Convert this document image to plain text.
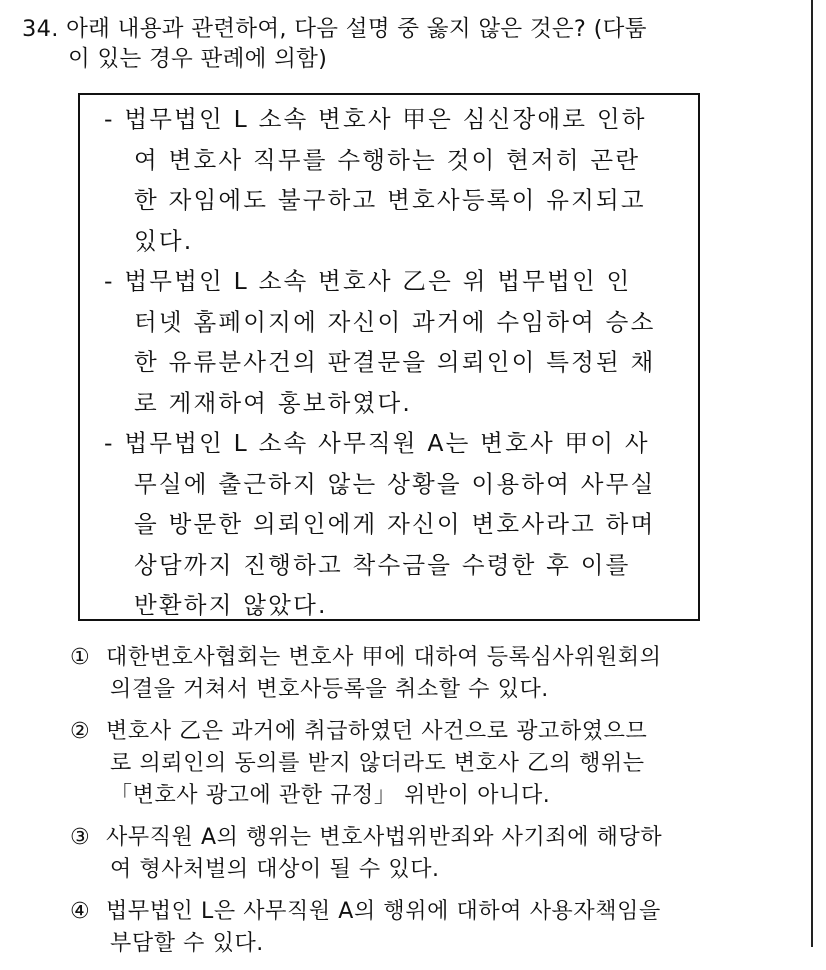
34. 아래 내용과 관련하여, 다음 설명 중 옳지 않은 것은? (다툼
이 있는 경우 판례에 의함)
- 법무법인 L 소속 변호사 甲은 심신장애로 인하
여 변호사 직무를 수행하는 것이 현저히 곤란
한 자임에도 불구하고 변호사등록이 유지되고
있다.
- 법무법인 L 소속 변호사 乙은 위 법무법인 인
터넷 홈페이지에 자신이 과거에 수임하여 승소
한 유류분사건의 판결문을 의뢰인이 특정된 채
로 게재하여 홍보하였다.
- 법무법인 L 소속 사무직원 A는 변호사 甲이 사
무실에 출근하지 않는 상황을 이용하여 사무실
을 방문한 의뢰인에게 자신이 변호사라고 하며
상담까지 진행하고 착수금을 수령한 후 이를
반환하지 않았다.
① 대한변호사협회는 변호사 甲에 대하여 등록심사위원회의
의결을 거쳐서 변호사등록을 취소할 수 있다.
② 변호사 乙은 과거에 취급하였던 사건으로 광고하였으므
로 의뢰인의 동의를 받지 않더라도 변호사 乙의 행위는
「변호사 광고에 관한 규정」 위반이 아니다.
③ 사무직원 A의 행위는 변호사법위반죄와 사기죄에 해당하
여 형사처벌의 대상이 될 수 있다.
④ 법무법인 L은 사무직원 A의 행위에 대하여 사용자책임을
부담할 수 있다.
